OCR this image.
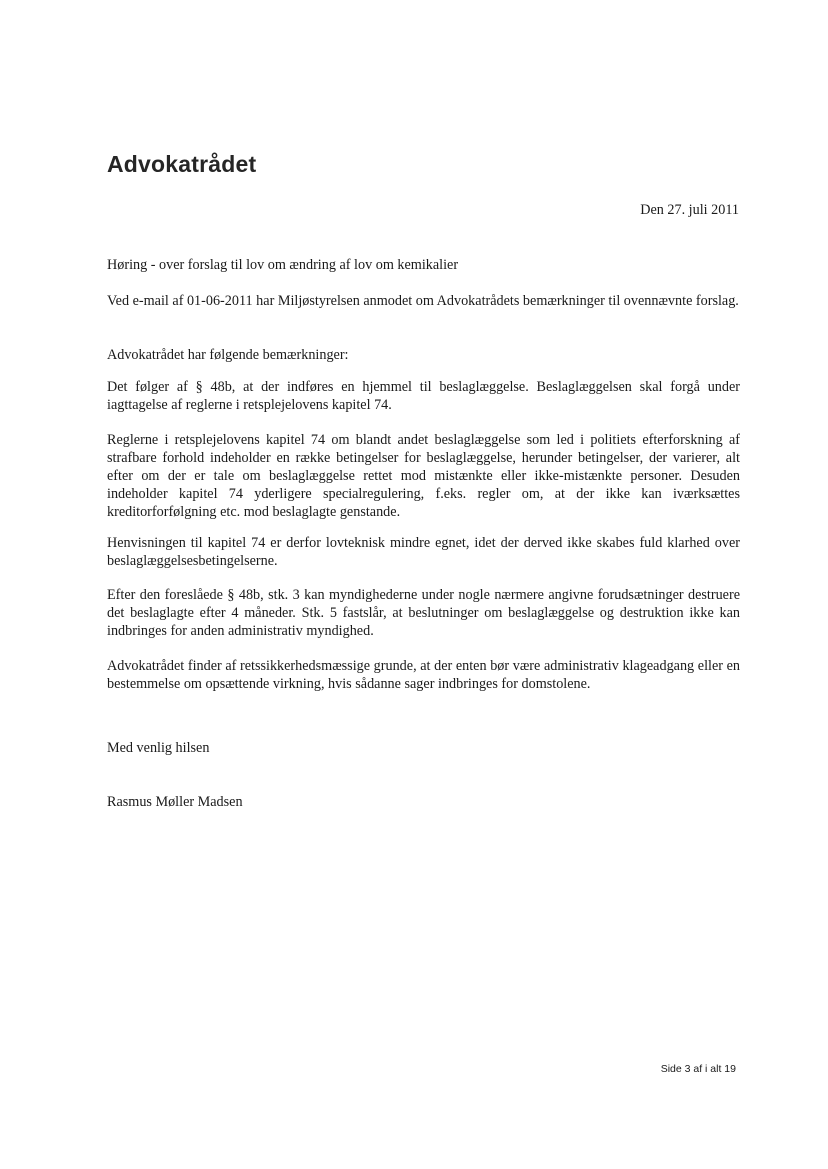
Advokatrådet

Den 27. juli 2011

Høring - over forslag til lov om ændring af lov om kemikalier

Ved e-mail af 01-06-2011 har Miljøstyrelsen anmodet om Advokatrådets bemærkninger til ovennævnte forslag.

Advokatrådet har følgende bemærkninger:

Det følger af § 48b, at der indføres en hjemmel til beslaglæggelse. Beslaglæggelsen skal forgå under iagttagelse af reglerne i retsplejelovens kapitel 74.

Reglerne i retsplejelovens kapitel 74 om blandt andet beslaglæggelse som led i politiets efterforskning af strafbare forhold indeholder en række betingelser for beslaglæggelse, herunder betingelser, der varierer, alt efter om der er tale om beslaglæggelse rettet mod mistænkte eller ikke-mistænkte personer. Desuden indeholder kapitel 74 yderligere specialregulering, f.eks. regler om, at der ikke kan iværksættes kreditorforfølgning etc. mod beslaglagte genstande.

Henvisningen til kapitel 74 er derfor lovteknisk mindre egnet, idet der derved ikke skabes fuld klarhed over beslaglæggelsesbetingelserne.

Efter den foreslåede § 48b, stk. 3 kan myndighederne under nogle nærmere angivne forudsætninger destruere det beslaglagte efter 4 måneder. Stk. 5 fastslår, at beslutninger om beslaglæggelse og destruktion ikke kan indbringes for anden administrativ myndighed.

Advokatrådet finder af retssikkerhedsmæssige grunde, at der enten bør være administrativ klageadgang eller en bestemmelse om opsættende virkning, hvis sådanne sager indbringes for domstolene.

Med venlig hilsen

Rasmus Møller Madsen

Side 3 af i alt 19
